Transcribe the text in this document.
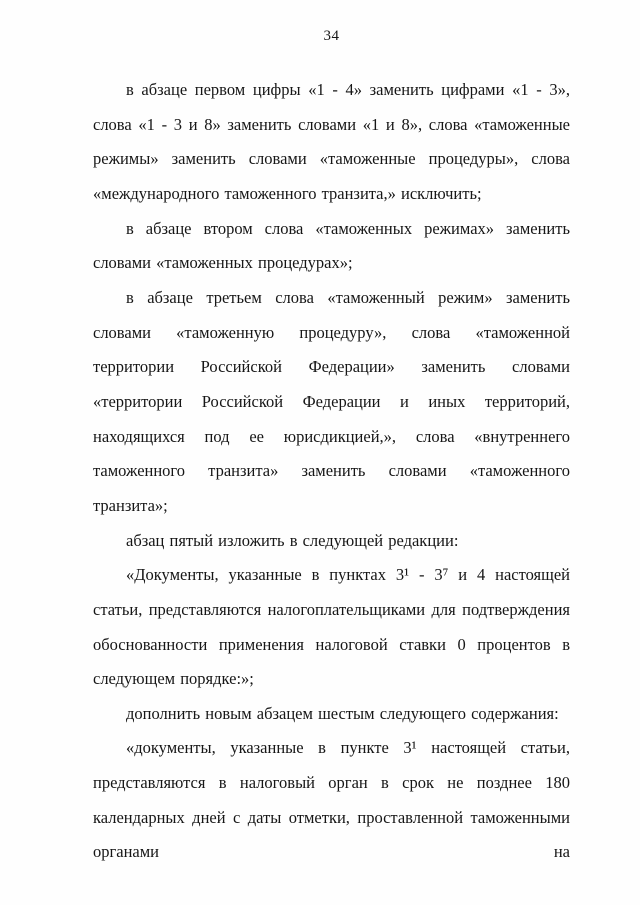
34

в абзаце первом цифры «1 - 4» заменить цифрами «1 - 3», слова «1 - 3 и 8» заменить словами «1 и 8», слова «таможенные режимы» заменить словами «таможенные процедуры», слова «международного таможенного транзита,» исключить;

в абзаце втором слова «таможенных режимах» заменить словами «таможенных процедурах»;

в абзаце третьем слова «таможенный режим» заменить словами «таможенную процедуру», слова «таможенной территории Российской Федерации» заменить словами «территории Российской Федерации и иных территорий, находящихся под ее юрисдикцией,», слова «внутреннего таможенного транзита» заменить словами «таможенного транзита»;

абзац пятый изложить в следующей редакции:

«Документы, указанные в пунктах 3¹ - 3⁷ и 4 настоящей статьи, представляются налогоплательщиками для подтверждения обоснованности применения налоговой ставки 0 процентов в следующем порядке:»;

дополнить новым абзацем шестым следующего содержания:

«документы, указанные в пункте 3¹ настоящей статьи, представляются в налоговый орган в срок не позднее 180 календарных дней с даты отметки, проставленной таможенными органами на
